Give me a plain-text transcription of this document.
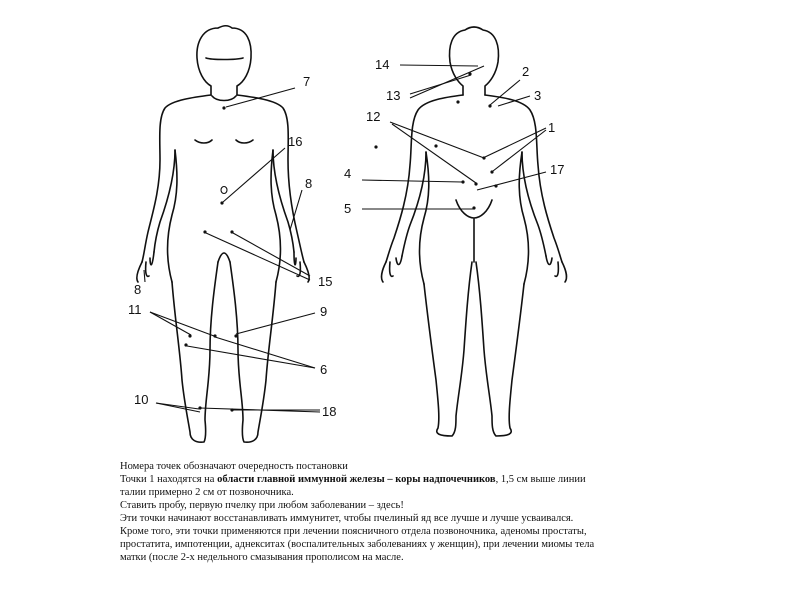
7
16
8
8
15
11	9
6
10
18
14	2
13	3
12
1
4	17
5

Номера точек обозначают очередность постановки

Точки 1 находятся на области главной иммунной железы – коры надпочечников, 1,5 см выше линии

талии примерно 2 см от позвоночника.

Ставить пробу, первую пчелку при любом заболевании – здесь!

Эти точки начинают восстанавливать иммунитет, чтобы пчелиный яд все лучше и лучше усваивался.

Кроме того, эти точки применяются при лечении поясничного отдела позвоночника, аденомы простаты,

простатита, импотенции, аднекситах (воспалительных заболеваниях у женщин), при лечении миомы тела

матки (после 2-х недельного смазывания прополисом на масле.
